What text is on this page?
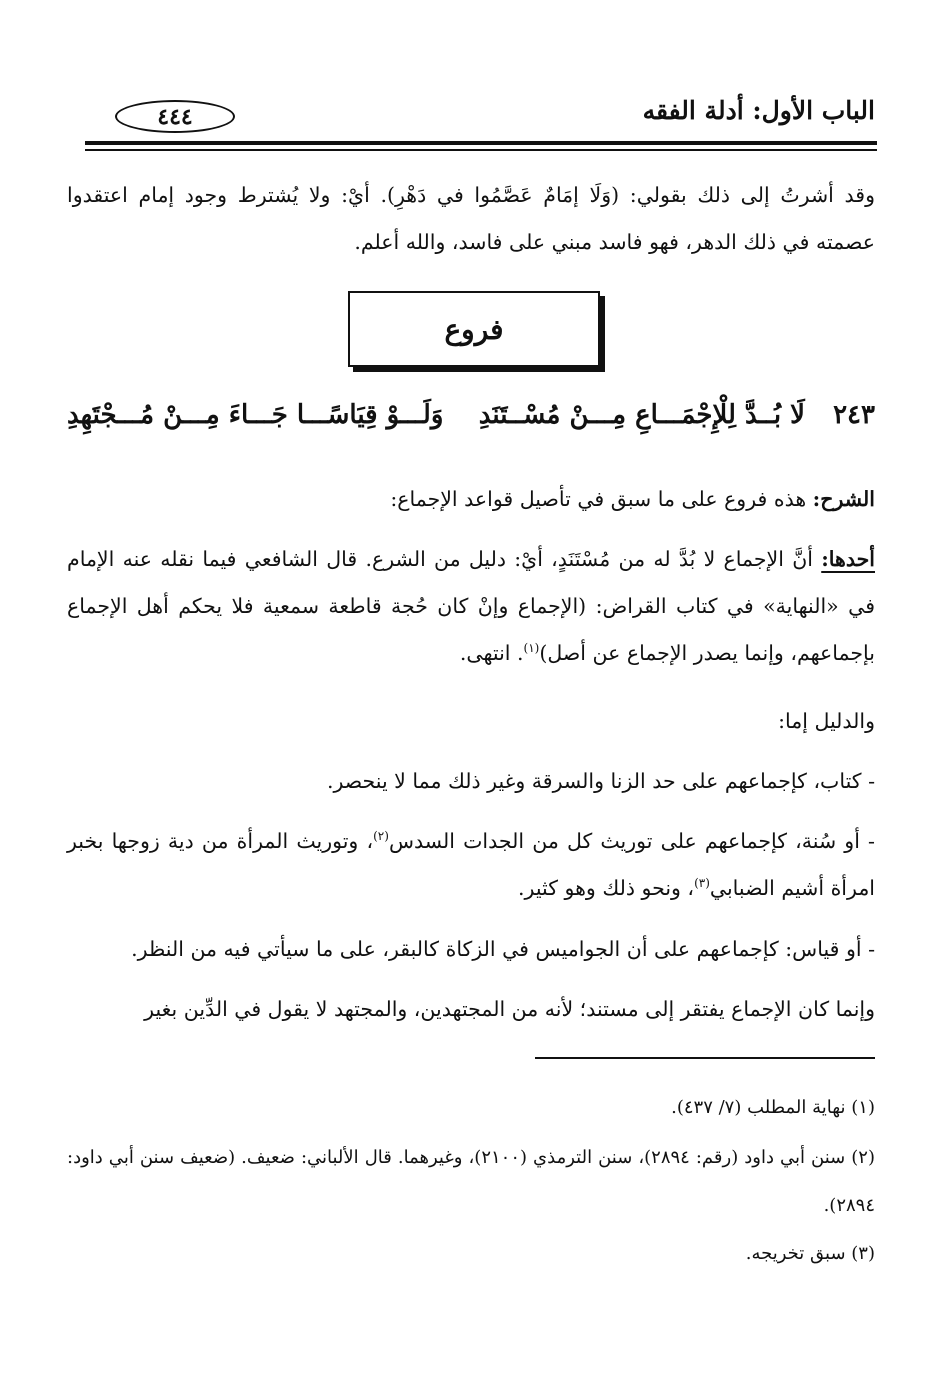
الباب الأول: أدلة الفقه
٤٤٤
وقد أشرتُ إلى ذلك بقولي: (وَلَا إمَامٌ عَصَّمُوا في دَهْرِ). أيْ: ولا يُشترط وجود إمام اعتقدوا عصمته في ذلك الدهر، فهو فاسد مبني على فاسد، والله أعلم.
فروع
٢٤٣
لَا بُــدَّ لِلْإِجْمَـــاعِ مِـــنْ مُسْــتَنَدِ
وَلَـــوْ قِيَاسًـــا جَـــاءَ مِـــنْ مُـــجْتَهِدِ
الشرح: هذه فروع على ما سبق في تأصيل قواعد الإجماع:
أحدها: أنَّ الإجماع لا بُدَّ له من مُسْتَنَدٍ، أيْ: دليل من الشرع. قال الشافعي فيما نقله عنه الإمام في «النهاية» في كتاب القراض: (الإجماع وإنْ كان حُجة قاطعة سمعية فلا يحكم أهل الإجماع بإجماعهم، وإنما يصدر الإجماع عن أصل)$^{(١)}$. انتهى.
والدليل إما:
- كتاب، كإجماعهم على حد الزنا والسرقة وغير ذلك مما لا ينحصر.
- أو سُنة، كإجماعهم على توريث كل من الجدات السدس$^{(٢)}$، وتوريث المرأة من دية زوجها بخبر امرأة أشيم الضبابي$^{(٣)}$، ونحو ذلك وهو كثير.
- أو قياس: كإجماعهم على أن الجواميس في الزكاة كالبقر، على ما سيأتي فيه من النظر.
وإنما كان الإجماع يفتقر إلى مستند؛ لأنه من المجتهدين، والمجتهد لا يقول في الدِّين بغير
(١) نهاية المطلب (٧/ ٤٣٧).
(٢) سنن أبي داود (رقم: ٢٨٩٤)، سنن الترمذي (٢١٠٠)، وغيرهما. قال الألباني: ضعيف. (ضعيف سنن أبي داود: ٢٨٩٤).
(٣) سبق تخريجه.
